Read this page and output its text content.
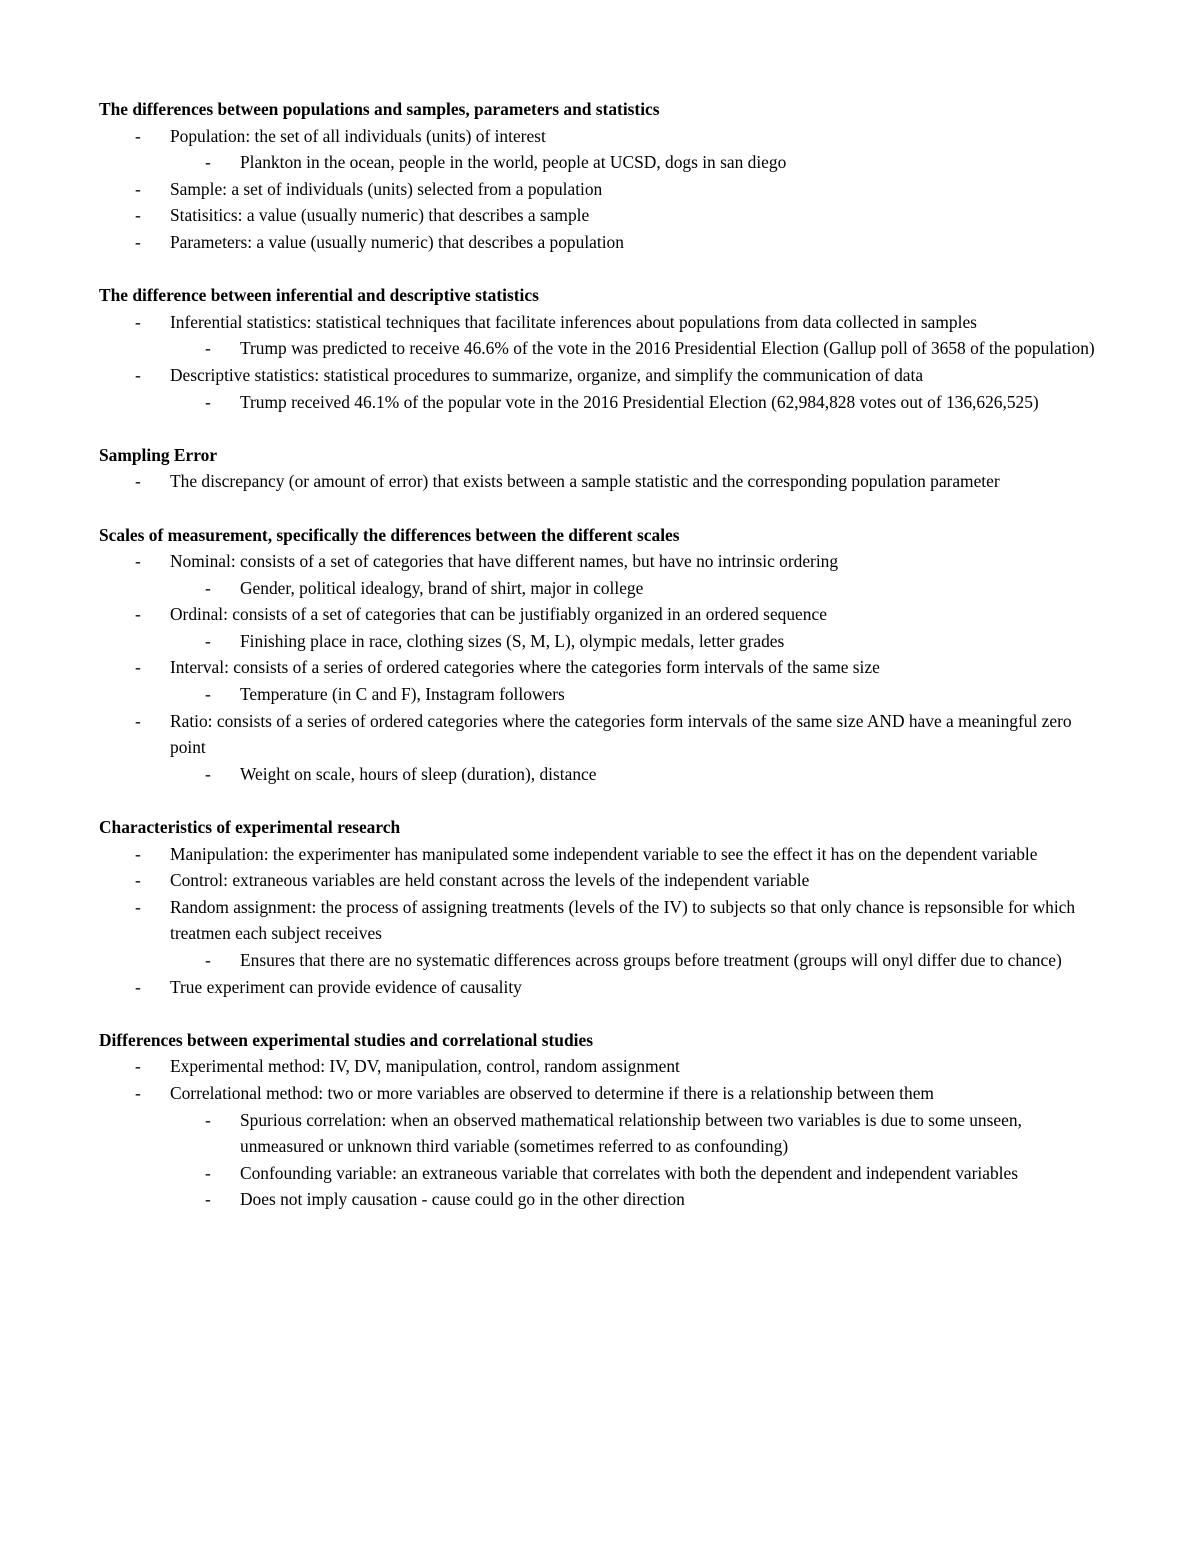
The differences between populations and samples, parameters and statistics
- Population: the set of all individuals (units) of interest
- Plankton in the ocean, people in the world, people at UCSD, dogs in san diego
- Sample: a set of individuals (units) selected from a population
- Statisitics: a value (usually numeric) that describes a sample
- Parameters: a value (usually numeric) that describes a population
The difference between inferential and descriptive statistics
- Inferential statistics: statistical techniques that facilitate inferences about populations from data collected in samples
- Trump was predicted to receive 46.6% of the vote in the 2016 Presidential Election (Gallup poll of 3658 of the population)
- Descriptive statistics: statistical procedures to summarize, organize, and simplify the communication of data
- Trump received 46.1% of the popular vote in the 2016 Presidential Election (62,984,828 votes out of 136,626,525)
Sampling Error
- The discrepancy (or amount of error) that exists between a sample statistic and the corresponding population parameter
Scales of measurement, specifically the differences between the different scales
- Nominal: consists of a set of categories that have different names, but have no intrinsic ordering
- Gender, political idealogy, brand of shirt, major in college
- Ordinal: consists of a set of categories that can be justifiably organized in an ordered sequence
- Finishing place in race, clothing sizes (S, M, L), olympic medals, letter grades
- Interval: consists of a series of ordered categories where the categories form intervals of the same size
- Temperature (in C and F), Instagram followers
- Ratio: consists of a series of ordered categories where the categories form intervals of the same size AND have a meaningful zero point
- Weight on scale, hours of sleep (duration), distance
Characteristics of experimental research
- Manipulation: the experimenter has manipulated some independent variable to see the effect it has on the dependent variable
- Control: extraneous variables are held constant across the levels of the independent variable
- Random assignment: the process of assigning treatments (levels of the IV) to subjects so that only chance is repsonsible for which treatmen each subject receives
- Ensures that there are no systematic differences across groups before treatment (groups will onyl differ due to chance)
- True experiment can provide evidence of causality
Differences between experimental studies and correlational studies
- Experimental method: IV, DV, manipulation, control, random assignment
- Correlational method: two or more variables are observed to determine if there is a relationship between them
- Spurious correlation: when an observed mathematical relationship between two variables is due to some unseen, unmeasured or unknown third variable (sometimes referred to as confounding)
- Confounding variable: an extraneous variable that correlates with both the dependent and independent variables
- Does not imply causation - cause could go in the other direction
